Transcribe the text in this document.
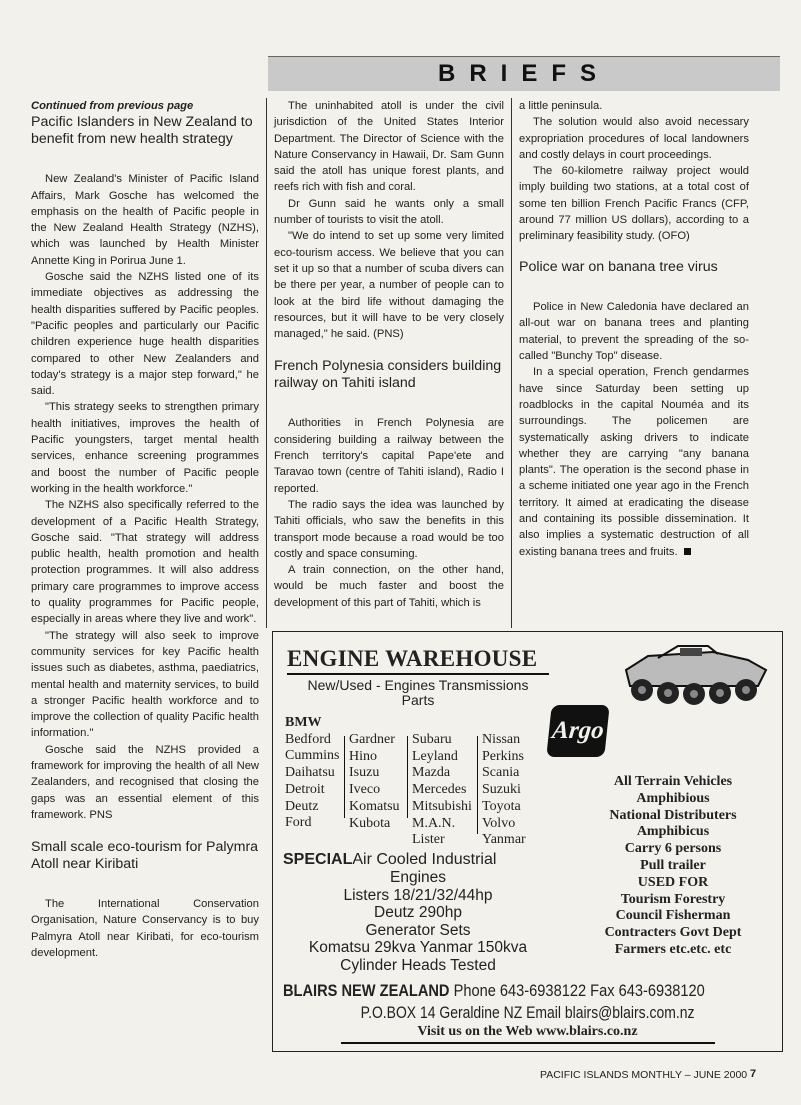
BRIEFS
Continued from previous page
Pacific Islanders in New Zealand to benefit from new health strategy

New Zealand's Minister of Pacific Island Affairs, Mark Gosche has welcomed the emphasis on the health of Pacific people in the New Zealand Health Strategy (NZHS), which was launched by Health Minister Annette King in Porirua June 1.

Gosche said the NZHS listed one of its immediate objectives as addressing the health disparities suffered by Pacific peoples. "Pacific peoples and particularly our Pacific children experience huge health disparities compared to other New Zealanders and today's strategy is a major step forward," he said.

"This strategy seeks to strengthen primary health initiatives, improves the health of Pacific youngsters, target mental health services, enhance screening programmes and boost the number of Pacific people working in the health workforce."

The NZHS also specifically referred to the development of a Pacific Health Strategy, Gosche said. "That strategy will address public health, health promotion and health protection programmes. It will also address primary care programmes to improve access to quality programmes for Pacific people, especially in areas where they live and work".

"The strategy will also seek to improve community services for key Pacific health issues such as diabetes, asthma, paediatrics, mental health and maternity services, to build a stronger Pacific health workforce and to improve the collection of quality Pacific health information."

Gosche said the NZHS provided a framework for improving the health of all New Zealanders, and recognised that closing the gaps was an essential element of this framework. PNS

Small scale eco-tourism for Palymra Atoll near Kiribati

The International Conservation Organisation, Nature Conservancy is to buy Palmyra Atoll near Kiribati, for eco-tourism development.

The uninhabited atoll is under the civil jurisdiction of the United States Interior Department. The Director of Science with the Nature Conservancy in Hawaii, Dr. Sam Gunn said the atoll has unique forest plants, and reefs rich with fish and coral.

Dr Gunn said he wants only a small number of tourists to visit the atoll.

"We do intend to set up some very limited eco-tourism access. We believe that you can set it up so that a number of scuba divers can be there per year, a number of people can to look at the bird life without damaging the resources, but it will have to be very closely managed," he said. (PNS)

French Polynesia considers building railway on Tahiti island

Authorities in French Polynesia are considering building a railway between the French territory's capital Pape'ete and Taravao town (centre of Tahiti island), Radio I reported.

The radio says the idea was launched by Tahiti officials, who saw the benefits in this transport mode because a road would be too costly and space consuming.

A train connection, on the other hand, would be much faster and boost the development of this part of Tahiti, which is

a little peninsula.

The solution would also avoid necessary expropriation procedures of local landowners and costly delays in court proceedings.

The 60-kilometre railway project would imply building two stations, at a total cost of some ten billion French Pacific Francs (CFP, around 77 million US dollars), according to a preliminary feasibility study. (OFO)

Police war on banana tree virus

Police in New Caledonia have declared an all-out war on banana trees and planting material, to prevent the spreading of the so-called "Bunchy Top" disease.

In a special operation, French gendarmes have since Saturday been setting up roadblocks in the capital Nouméa and its surroundings. The policemen are systematically asking drivers to indicate whether they are carrying "any banana plants". The operation is the second phase in a scheme initiated one year ago in the French territory. It aimed at eradicating the disease and containing its possible dissemination. It also implies a systematic destruction of all existing banana trees and fruits.

ENGINE WAREHOUSE
New/Used - Engines Transmissions
Parts
BMW
Bedford
Cummins
Daihatsu
Detroit
Deutz
Ford
Gardner
Hino
Isuzu
Iveco
Komatsu
Kubota
Subaru
Leyland
Mazda
Mercedes
Mitsubishi
M.A.N.
Lister
Nissan
Perkins
Scania
Suzuki
Toyota
Volvo
Yanmar
Argo
All Terrain Vehicles
Amphibious
National Distributers
Amphibicus
Carry 6 persons
Pull trailer
USED FOR
Tourism Forestry
Council Fisherman
Contracters Govt Dept
Farmers etc.etc. etc
SPECIALAir Cooled Industrial
Engines
Listers 18/21/32/44hp
Deutz 290hp
Generator Sets
Komatsu 29kva Yanmar 150kva
Cylinder Heads Tested
BLAIRS NEW ZEALAND Phone 643-6938122 Fax 643-6938120
P.O.BOX 14 Geraldine NZ Email blairs@blairs.com.nz
Visit us on the Web www.blairs.co.nz
PACIFIC ISLANDS MONTHLY – JUNE 2000 7
